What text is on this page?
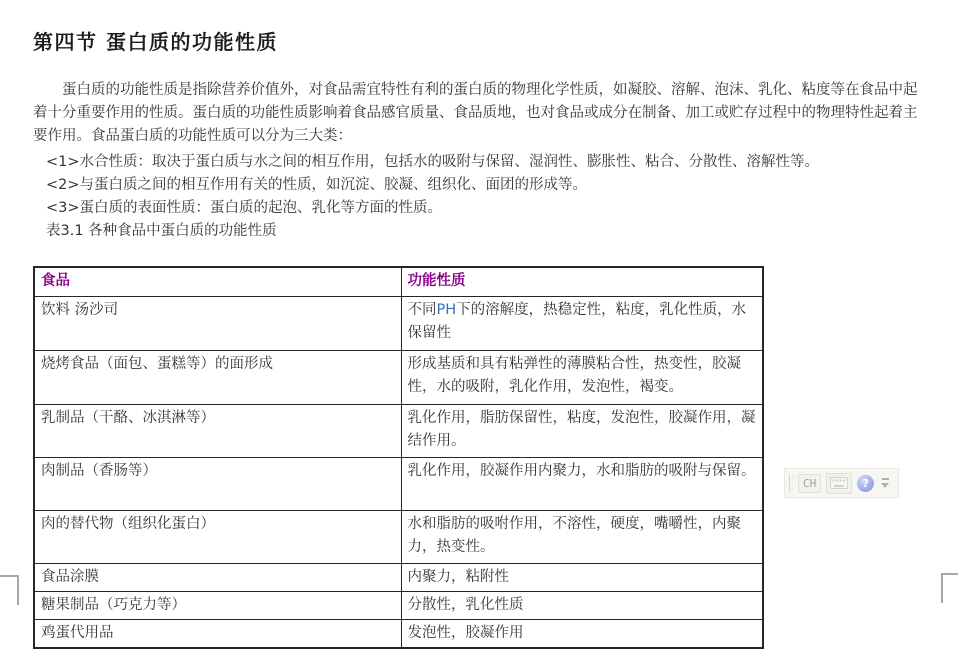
第四节 蛋白质的功能性质

蛋白质的功能性质是指除营养价值外，对食品需宜特性有利的蛋白质的物理化学性质，如凝胶、溶解、泡沫、乳化、粘度等在食品中起着十分重要作用的性质。蛋白质的功能性质影响着食品感官质量、食品质地，也对食品或成分在制备、加工或贮存过程中的物理特性起着主要作用。食品蛋白质的功能性质可以分为三大类：

<1>水合性质：取决于蛋白质与水之间的相互作用，包括水的吸附与保留、湿润性、膨胀性、粘合、分散性、溶解性等。
<2>与蛋白质之间的相互作用有关的性质，如沉淀、胶凝、组织化、面团的形成等。
<3>蛋白质的表面性质：蛋白质的起泡、乳化等方面的性质。
表3.1 各种食品中蛋白质的功能性质
食品	功能性质
饮料 汤沙司	不同PH下的溶解度，热稳定性，粘度，乳化性质，水保留性
烧烤食品（面包、蛋糕等）的面形成	形成基质和具有粘弹性的薄膜粘合性，热变性，胶凝性，水的吸附，乳化作用，发泡性，褐变。
乳制品（干酪、冰淇淋等）	乳化作用，脂肪保留性，粘度，发泡性，胶凝作用，凝结作用。
肉制品（香肠等）	乳化作用，胶凝作用内聚力，水和脂肪的吸附与保留。
肉的替代物（组织化蛋白）	水和脂肪的吸咐作用，不溶性，硬度，嘴嚼性，内聚力，热变性。
食品涂膜	内聚力，粘附性
糖果制品（巧克力等）	分散性，乳化性质
鸡蛋代用品	发泡性，胶凝作用
CH	?
